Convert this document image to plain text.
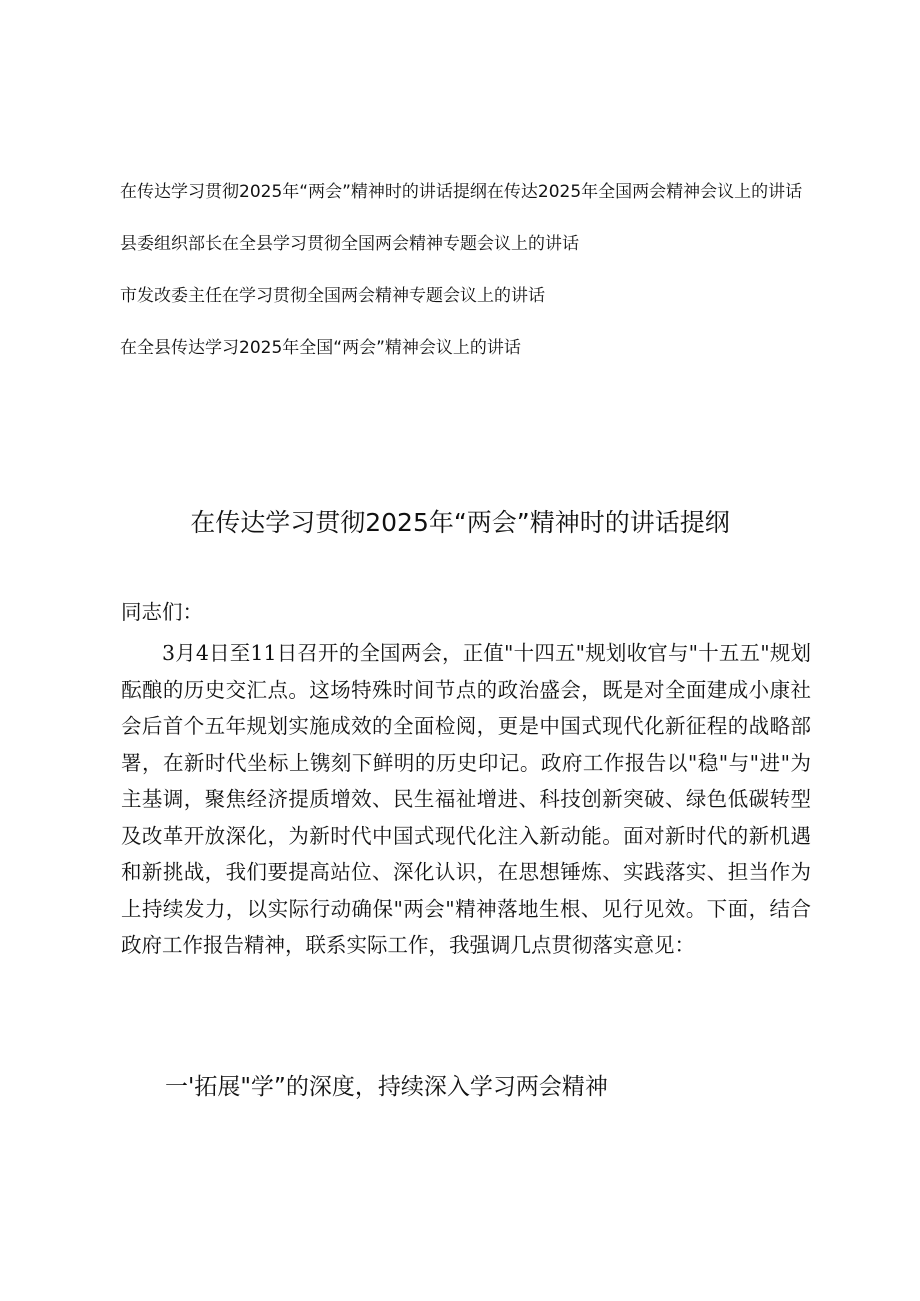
在传达学习贯彻2025年“两会”精神时的讲话提纲在传达2025年全国两会精神会议上的讲话
县委组织部长在全县学习贯彻全国两会精神专题会议上的讲话
市发改委主任在学习贯彻全国两会精神专题会议上的讲话
在全县传达学习2025年全国“两会”精神会议上的讲话
在传达学习贯彻2025年“两会”精神时的讲话提纲
同志们：

3月4日至11日召开的全国两会，正值"十四五"规划收官与"十五五"规划酝酿的历史交汇点。这场特殊时间节点的政治盛会，既是对全面建成小康社会后首个五年规划实施成效的全面检阅，更是中国式现代化新征程的战略部署，在新时代坐标上镌刻下鲜明的历史印记。政府工作报告以"稳"与"进"为主基调，聚焦经济提质增效、民生福祉增进、科技创新突破、绿色低碳转型及改革开放深化，为新时代中国式现代化注入新动能。面对新时代的新机遇和新挑战，我们要提高站位、深化认识，在思想锤炼、实践落实、担当作为上持续发力，以实际行动确保"两会"精神落地生根、见行见效。下面，结合政府工作报告精神，联系实际工作，我强调几点贯彻落实意见：

一'拓展"学”的深度，持续深入学习两会精神
